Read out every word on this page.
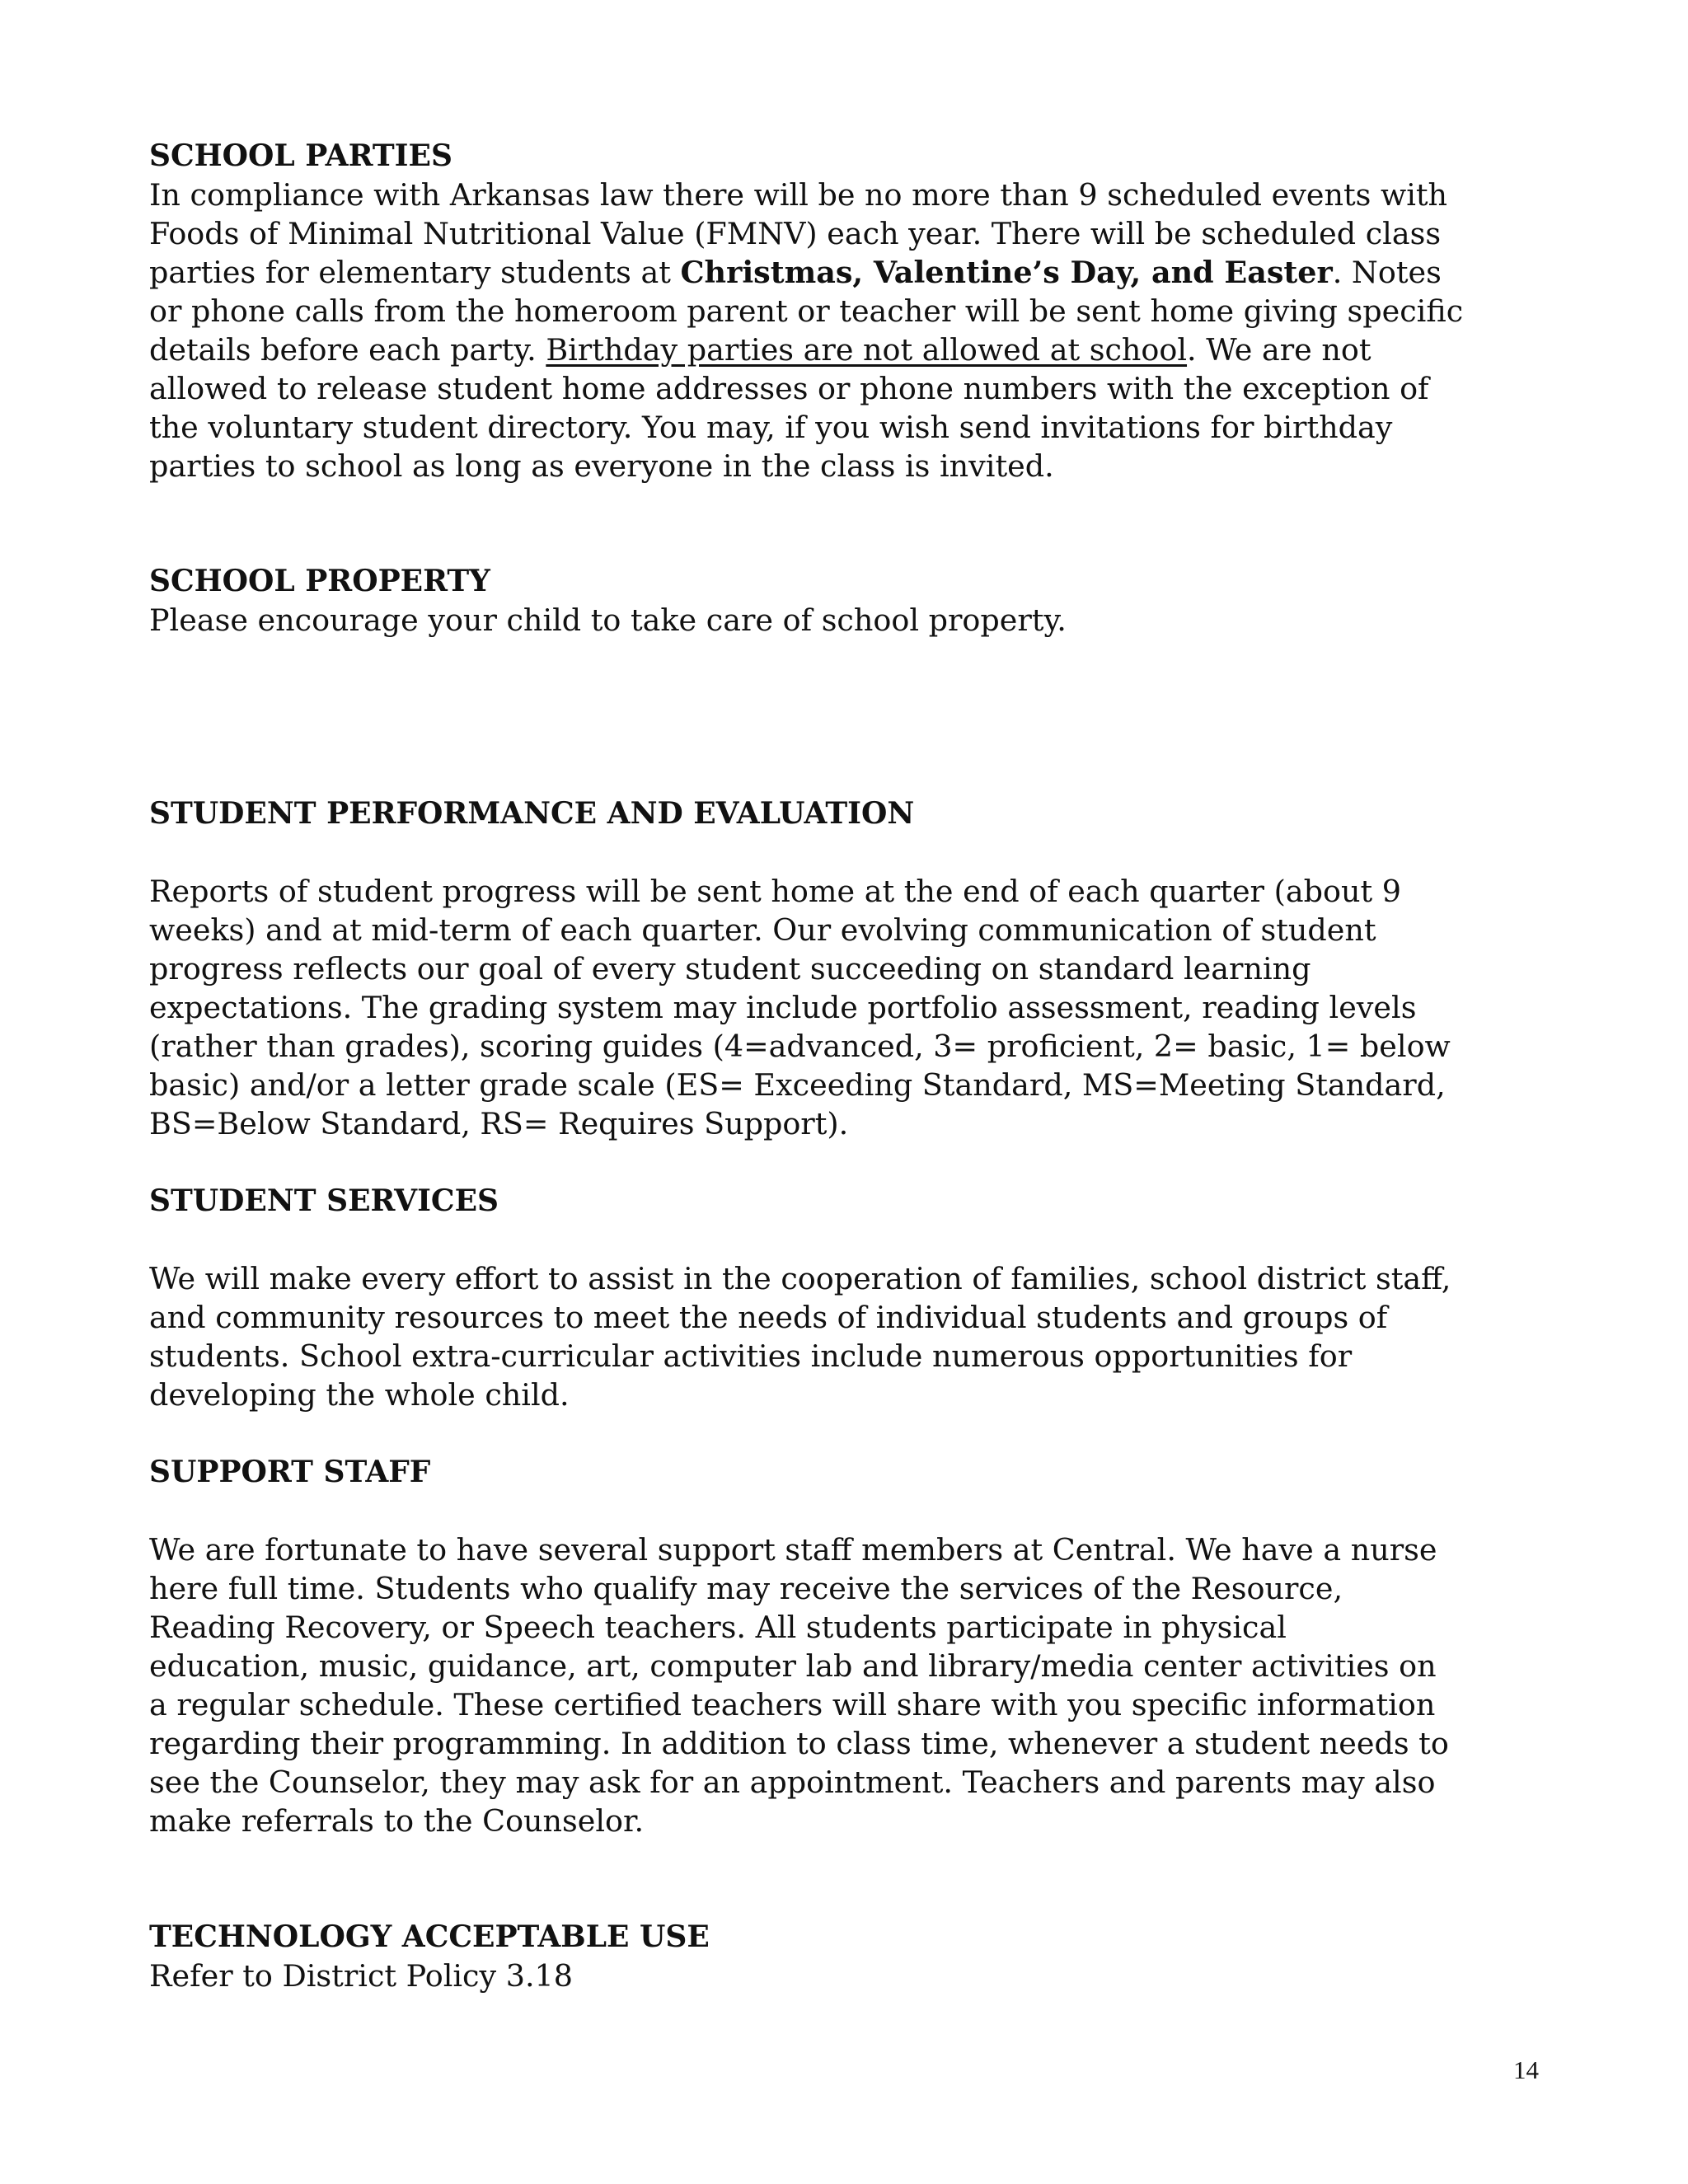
SCHOOL PARTIES

In compliance with Arkansas law there will be no more than 9 scheduled events with
Foods of Minimal Nutritional Value (FMNV) each year. There will be scheduled class
parties for elementary students at Christmas, Valentine’s Day, and Easter. Notes
or phone calls from the homeroom parent or teacher will be sent home giving specific
details before each party. Birthday parties are not allowed at school. We are not
allowed to release student home addresses or phone numbers with the exception of
the voluntary student directory. You may, if you wish send invitations for birthday
parties to school as long as everyone in the class is invited.

SCHOOL PROPERTY

Please encourage your child to take care of school property.

STUDENT PERFORMANCE AND EVALUATION

Reports of student progress will be sent home at the end of each quarter (about 9
weeks) and at mid-term of each quarter. Our evolving communication of student
progress reflects our goal of every student succeeding on standard learning
expectations. The grading system may include portfolio assessment, reading levels
(rather than grades), scoring guides (4=advanced, 3= proficient, 2= basic, 1= below
basic) and/or a letter grade scale (ES= Exceeding Standard, MS=Meeting Standard,
BS=Below Standard, RS= Requires Support).

STUDENT SERVICES

We will make every effort to assist in the cooperation of families, school district staff,
and community resources to meet the needs of individual students and groups of
students. School extra-curricular activities include numerous opportunities for
developing the whole child.

SUPPORT STAFF

We are fortunate to have several support staff members at Central. We have a nurse
here full time. Students who qualify may receive the services of the Resource,
Reading Recovery, or Speech teachers. All students participate in physical
education, music, guidance, art, computer lab and library/media center activities on
a regular schedule. These certified teachers will share with you specific information
regarding their programming. In addition to class time, whenever a student needs to
see the Counselor, they may ask for an appointment. Teachers and parents may also
make referrals to the Counselor.

TECHNOLOGY ACCEPTABLE USE

Refer to District Policy 3.18

14
